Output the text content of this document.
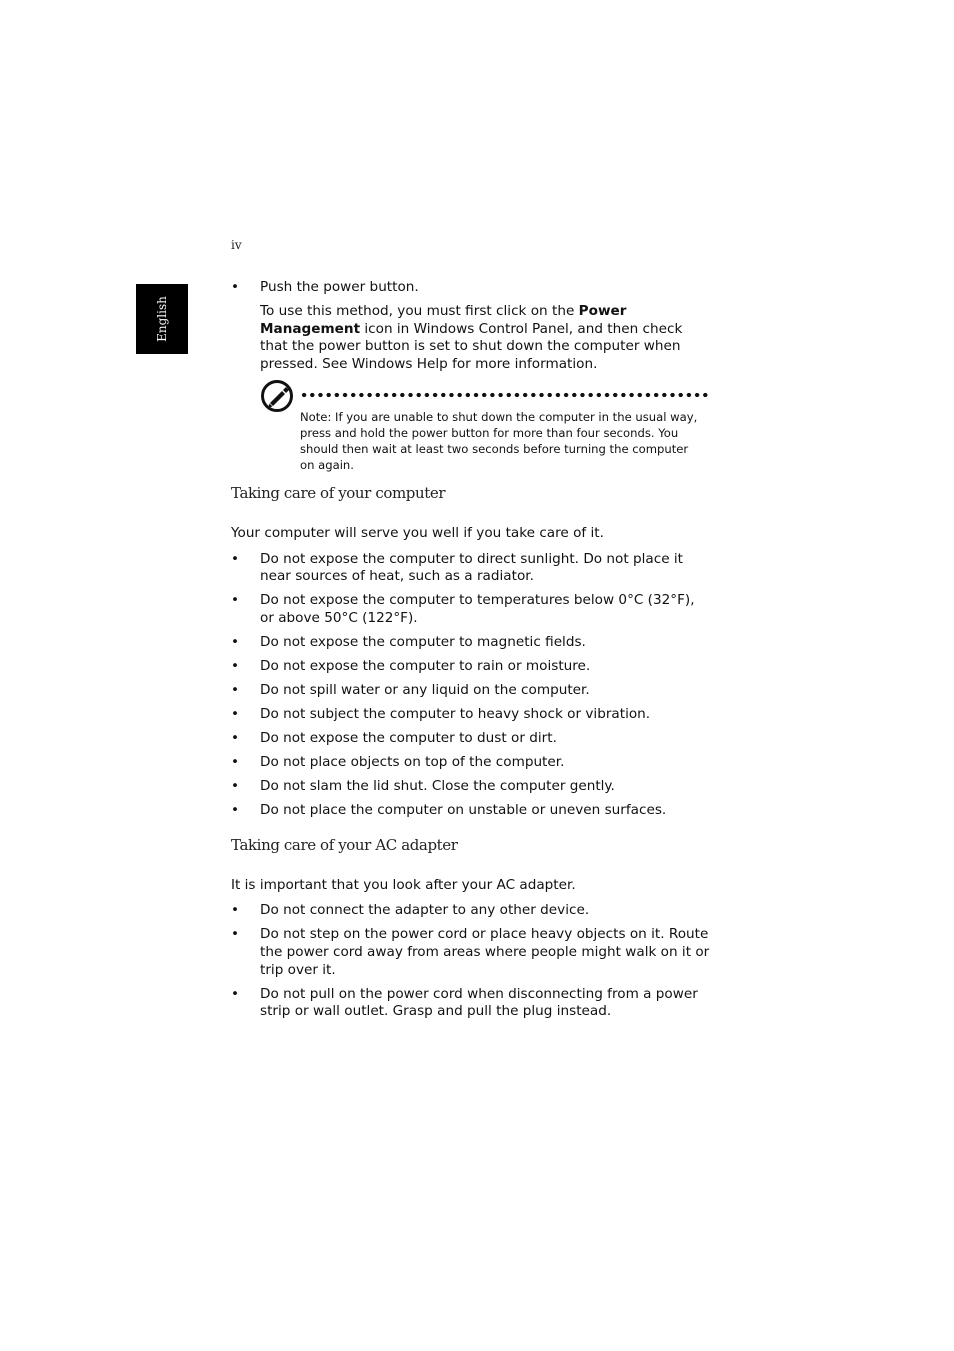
iv
English
• Push the power button.

To use this method, you must first click on the Power Management icon in Windows Control Panel, and then check that the power button is set to shut down the computer when pressed. See Windows Help for more information.

Note: If you are unable to shut down the computer in the usual way, press and hold the power button for more than four seconds. You should then wait at least two seconds before turning the computer on again.
Taking care of your computer

Your computer will serve you well if you take care of it.

• Do not expose the computer to direct sunlight. Do not place it near sources of heat, such as a radiator.
• Do not expose the computer to temperatures below 0°C (32°F), or above 50°C (122°F).
• Do not expose the computer to magnetic fields.
• Do not expose the computer to rain or moisture.
• Do not spill water or any liquid on the computer.
• Do not subject the computer to heavy shock or vibration.
• Do not expose the computer to dust or dirt.
• Do not place objects on top of the computer.
• Do not slam the lid shut. Close the computer gently.
• Do not place the computer on unstable or uneven surfaces.
Taking care of your AC adapter

It is important that you look after your AC adapter.

• Do not connect the adapter to any other device.
• Do not step on the power cord or place heavy objects on it. Route the power cord away from areas where people might walk on it or trip over it.
• Do not pull on the power cord when disconnecting from a power strip or wall outlet. Grasp and pull the plug instead.
